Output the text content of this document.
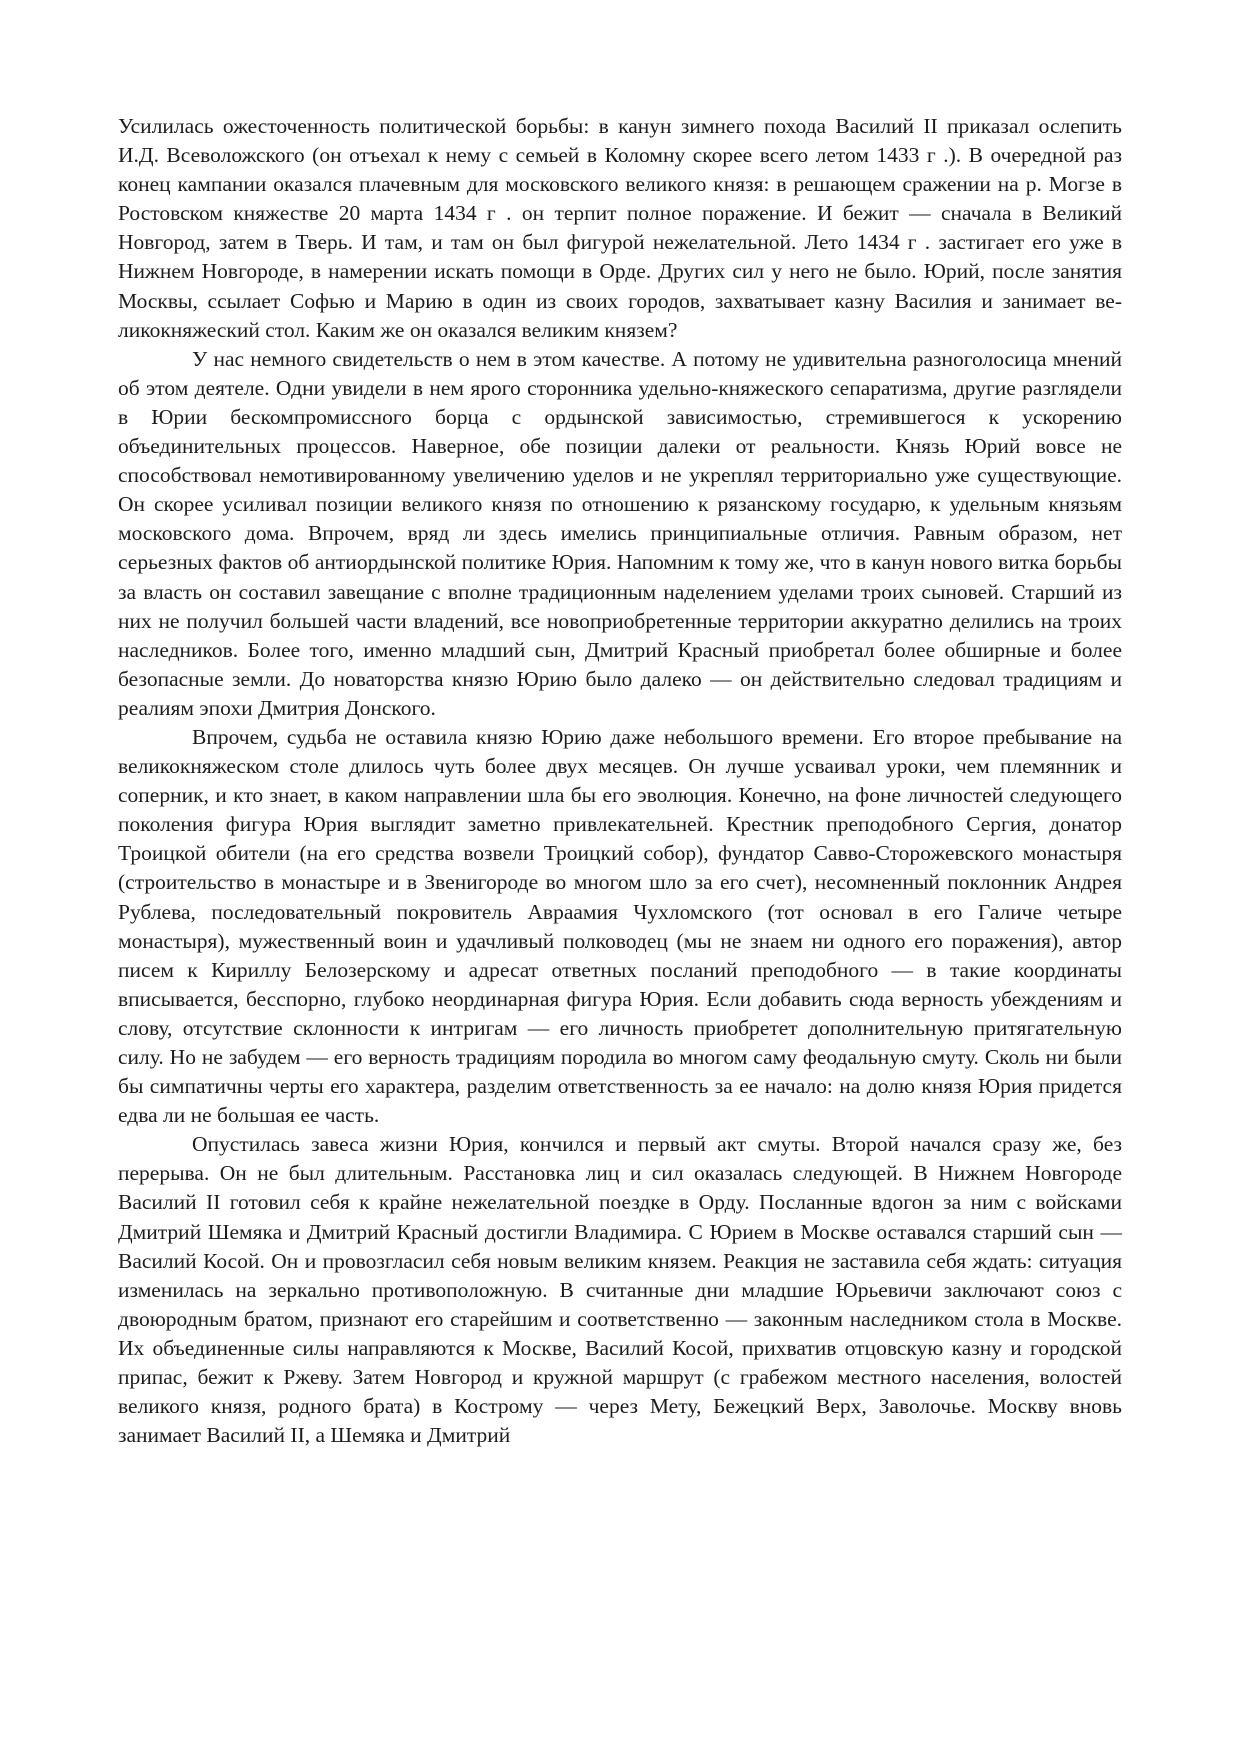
Усилилась ожесточенность политической борьбы: в канун зимнего похода Василий II приказал ослепить И.Д. Всеволожского (он отъехал к нему с семьей в Коломну скорее всего летом 1433 г .). В очередной раз конец кампании оказался плачевным для московского великого князя: в решающем сражении на р. Могзе в Ростовском княжестве 20 марта 1434 г . он терпит полное поражение. И бежит — сначала в Великий Новгород, затем в Тверь. И там, и там он был фигурой нежелательной. Лето 1434 г . застигает его уже в Нижнем Новгороде, в намерении искать помощи в Орде. Других сил у него не было. Юрий, после занятия Москвы, ссылает Софью и Марию в один из своих городов, захватывает казну Василия и занимает великокняжеский стол. Каким же он оказался великим князем?

У нас немного свидетельств о нем в этом качестве. А потому не удивительна разноголосица мнений об этом деятеле. Одни увидели в нем ярого сторонника удельно-княжеского сепаратизма, другие разглядели в Юрии бескомпромиссного борца с ордынской зависимостью, стремившегося к ускорению объединительных процессов. Наверное, обе позиции далеки от реальности. Князь Юрий вовсе не способствовал немотивированному увеличению уделов и не укреплял территориально уже существующие. Он скорее усиливал позиции великого князя по отношению к рязанскому государю, к удельным князьям московского дома. Впрочем, вряд ли здесь имелись принципиальные отличия. Равным образом, нет серьезных фактов об антиордынской политике Юрия. Напомним к тому же, что в канун нового витка борьбы за власть он составил завещание с вполне традиционным наделением уделами троих сыновей. Старший из них не получил большей части владений, все новоприобретенные территории аккуратно делились на троих наследников. Более того, именно младший сын, Дмитрий Красный приобретал более обширные и более безопасные земли. До новаторства князю Юрию было далеко — он действительно следовал традициям и реалиям эпохи Дмитрия Донского.

Впрочем, судьба не оставила князю Юрию даже небольшого времени. Его второе пребывание на великокняжеском столе длилось чуть более двух месяцев. Он лучше усваивал уроки, чем племянник и соперник, и кто знает, в каком направлении шла бы его эволюция. Конечно, на фоне личностей следующего поколения фигура Юрия выглядит заметно привлекательней. Крестник преподобного Сергия, донатор Троицкой обители (на его средства возвели Троицкий собор), фундатор Савво-Сторожевского монастыря (строительство в монастыре и в Звенигороде во многом шло за его счет), несомненный поклонник Андрея Рублева, последовательный покровитель Авраамия Чухломского (тот основал в его Галиче четыре монастыря), мужественный воин и удачливый полководец (мы не знаем ни одного его поражения), автор писем к Кириллу Белозерскому и адресат ответных посланий преподобного — в такие координаты вписывается, бесспорно, глубоко неординарная фигура Юрия. Если добавить сюда верность убеждениям и слову, отсутствие склонности к интригам — его личность приобретет дополнительную притягательную силу. Но не забудем — его верность традициям породила во многом саму феодальную смуту. Сколь ни были бы симпатичны черты его характера, разделим ответственность за ее начало: на долю князя Юрия придется едва ли не большая ее часть.

Опустилась завеса жизни Юрия, кончился и первый акт смуты. Второй начался сразу же, без перерыва. Он не был длительным. Расстановка лиц и сил оказалась следующей. В Нижнем Новгороде Василий II готовил себя к крайне нежелательной поездке в Орду. Посланные вдогон за ним с войсками Дмитрий Шемяка и Дмитрий Красный достигли Владимира. С Юрием в Москве оставался старший сын — Василий Косой. Он и провозгласил себя новым великим князем. Реакция не заставила себя ждать: ситуация изменилась на зеркально противоположную. В считанные дни младшие Юрьевичи заключают союз с двоюродным братом, признают его старейшим и соответственно — законным наследником стола в Москве. Их объединенные силы направляются к Москве, Василий Косой, прихватив отцовскую казну и городской припас, бежит к Ржеву. Затем Новгород и кружной маршрут (с грабежом местного населения, волостей великого князя, родного брата) в Кострому — через Мету, Бежецкий Верх, Заволочье. Москву вновь занимает Василий II, а Шемяка и Дмитрий
